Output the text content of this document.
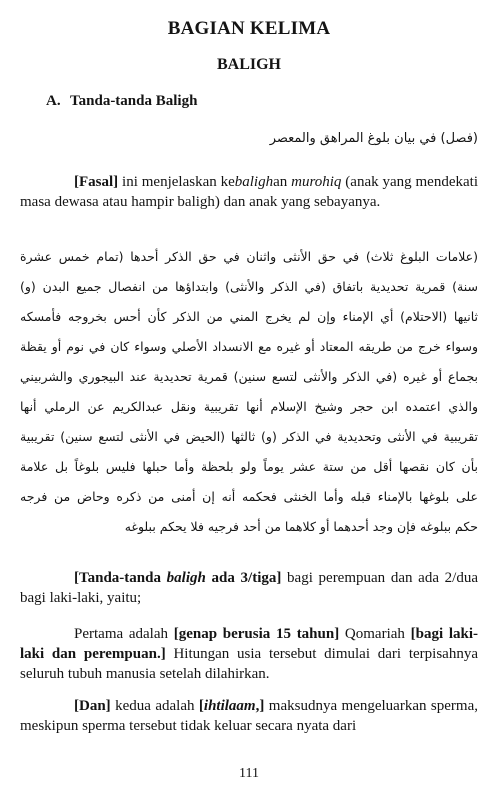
BAGIAN KELIMA
BALIGH
A. Tanda-tanda Baligh
(فصل) في بيان بلوغ المراهق والمعصر

[Fasal] ini menjelaskan kebalighan murohiq (anak yang mendekati masa dewasa atau hampir baligh) dan anak yang sebayanya.

(علامات البلوغ ثلاث) في حق الأنثى واثنان في حق الذكر أحدها (تمام خمس عشرة
سنة) قمرية تحديدية باتفاق (في الذكر والأنثى) وابتداؤها من انفصال جميع البدن (و)
ثانيها (الاحتلام) أي الإمناء وإن لم يخرج المني من الذكر كأن أحس بخروجه فأمسكه
وسواء خرج من طريقه المعتاد أو غيره مع الانسداد الأصلي وسواء كان في نوم أو يقظة
بجماع أو غيره (في الذكر والأنثى لتسع سنين) قمرية تحديدية عند البيجوري والشربيني
والذي اعتمده ابن حجر وشيخ الإسلام أنها تقريبية ونقل عبدالكريم عن الرملي أنها
تقريبية في الأنثى وتحديدية في الذكر (و) ثالثها (الحيض في الأنثى لتسع سنين) تقريبية
بأن كان نقصها أقل من ستة عشر يوماً ولو بلحظة وأما حبلها فليس بلوغاً بل علامة
على بلوغها بالإمناء قبله وأما الخنثى فحكمه أنه إن أمنى من ذكره وحاض من فرجه
حكم ببلوغه فإن وجد أحدهما أو كلاهما من أحد فرجيه فلا يحكم ببلوغه

[Tanda-tanda baligh ada 3/tiga] bagi perempuan dan ada 2/dua bagi laki-laki, yaitu;

Pertama adalah [genap berusia 15 tahun] Qomariah [bagi laki-laki dan perempuan.] Hitungan usia tersebut dimulai dari terpisahnya seluruh tubuh manusia setelah dilahirkan.

[Dan] kedua adalah [ihtilaam,] maksudnya mengeluarkan sperma, meskipun sperma tersebut tidak keluar secara nyata dari

111
